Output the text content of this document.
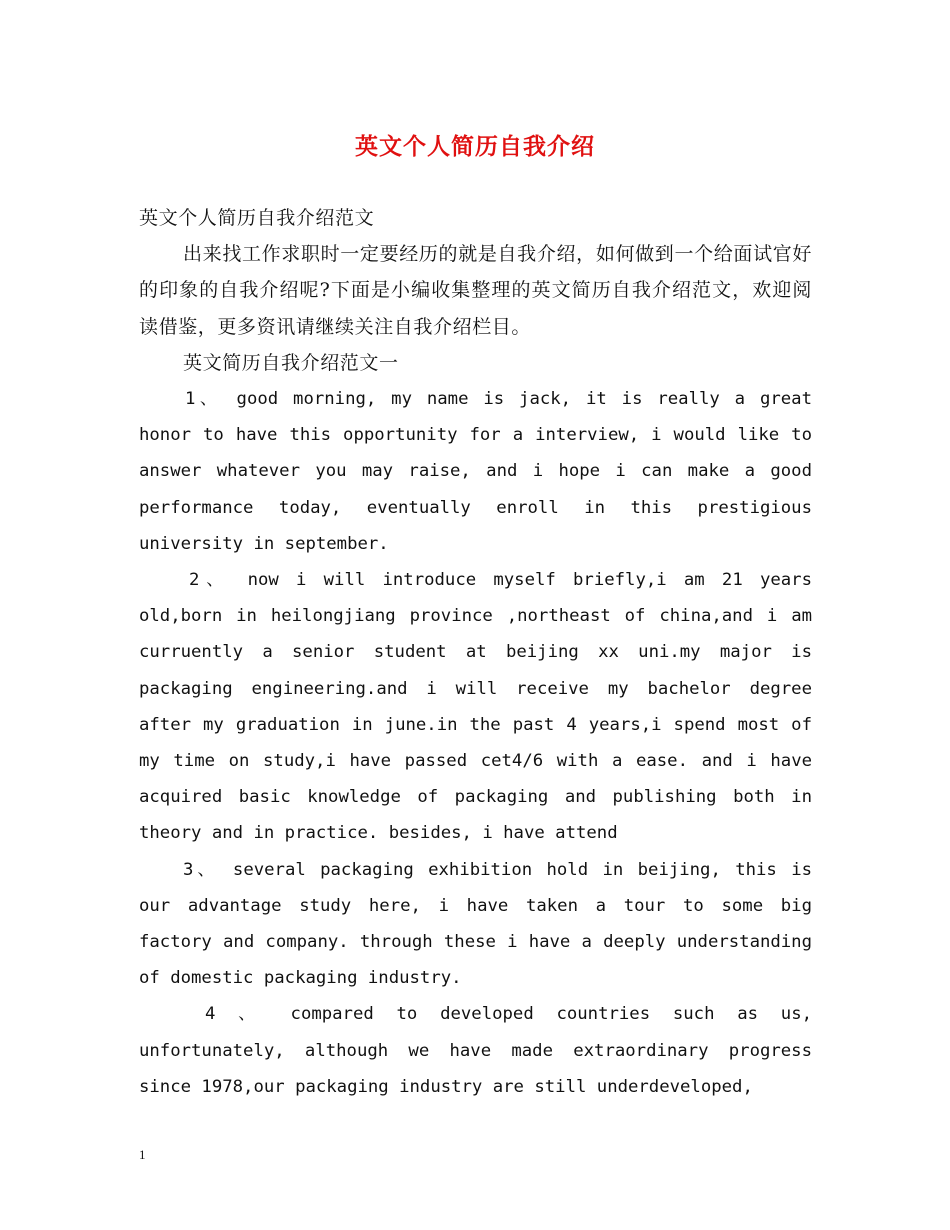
英文个人简历自我介绍

英文个人简历自我介绍范文

出来找工作求职时一定要经历的就是自我介绍，如何做到一个给面试官好的印象的自我介绍呢?下面是小编收集整理的英文简历自我介绍范文，欢迎阅读借鉴，更多资讯请继续关注自我介绍栏目。

英文简历自我介绍范文一

1、 good morning, my name is jack, it is really a great honor to have this opportunity for a interview, i would like to answer whatever you may raise, and i hope i can make a good performance today, eventually enroll in this prestigious university in september.

2、 now i will introduce myself briefly,i am 21 years old,born in heilongjiang province ,northeast of china,and i am curruently a senior student at beijing xx uni.my major is packaging engineering.and i will receive my bachelor degree after my graduation in june.in the past 4 years,i spend most of my time on study,i have passed cet4/6 with a ease. and i have acquired basic knowledge of packaging and publishing both in theory and in practice. besides, i have attend

3、 several packaging exhibition hold in beijing, this is our advantage study here, i have taken a tour to some big factory and company. through these i have a deeply understanding of domestic packaging industry.

4 、 compared to developed countries such as us, unfortunately, although we have made extraordinary progress since 1978,our packaging industry are still underdeveloped,

1
